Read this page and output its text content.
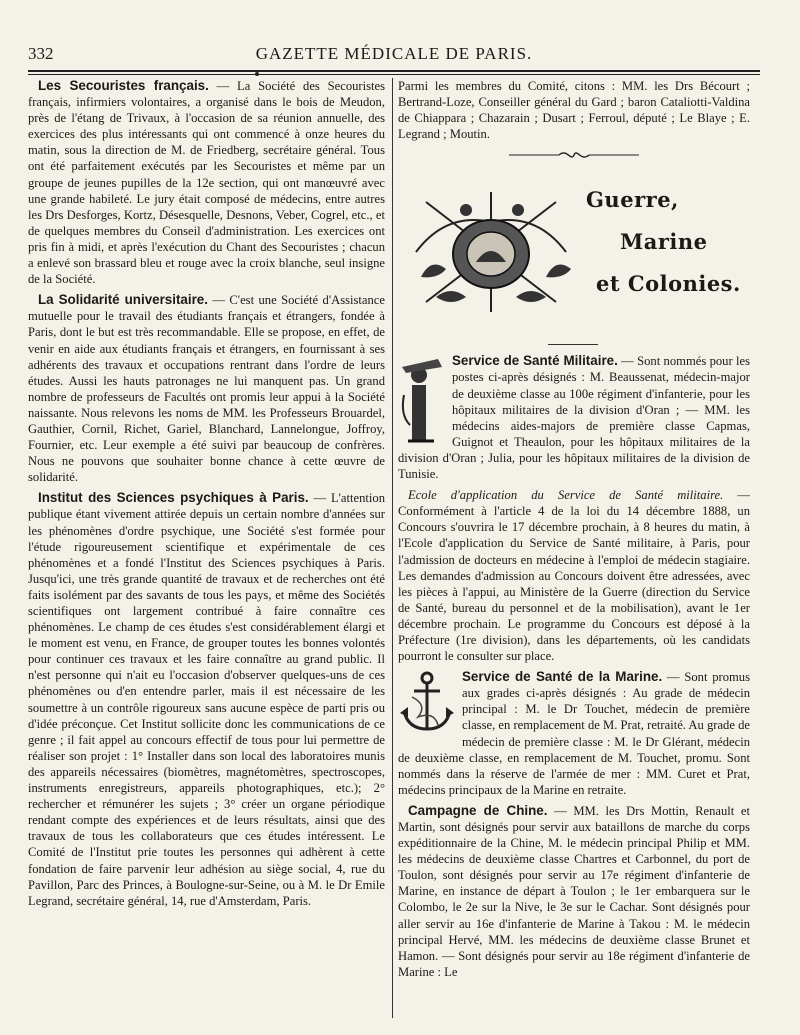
332	GAZETTE MÉDICALE DE PARIS.

Les Secouristes français. — La Société des Secouristes français, infirmiers volontaires, a organisé dans le bois de Meudon, près de l'étang de Trivaux, à l'occasion de sa réunion annuelle, des exercices des plus intéressants qui ont commencé à onze heures du matin, sous la direction de M. de Friedberg, secrétaire général. Tous ont été parfaitement exécutés par les Secouristes et même par un groupe de jeunes pupilles de la 12e section, qui ont manœuvré avec une grande habileté. Le jury était composé de médecins, entre autres les Drs Desforges, Kortz, Désesquelle, Desnons, Veber, Cogrel, etc., et de quelques membres du Conseil d'administration. Les exercices ont pris fin à midi, et après l'exécution du Chant des Secouristes ; chacun a enlevé son brassard bleu et rouge avec la croix blanche, seul insigne de la Société.

La Solidarité universitaire. — C'est une Société d'Assistance mutuelle pour le travail des étudiants français et étrangers, fondée à Paris, dont le but est très recommandable. Elle se propose, en effet, de venir en aide aux étudiants français et étrangers, en fournissant à ses adhérents des travaux et occupations rentrant dans l'ordre de leurs études. Aussi les hauts patronages ne lui manquent pas. Un grand nombre de professeurs de Facultés ont promis leur appui à la Société naissante. Nous relevons les noms de MM. les Professeurs Brouardel, Gauthier, Cornil, Richet, Gariel, Blanchard, Lannelongue, Joffroy, Fournier, etc. Leur exemple a été suivi par beaucoup de confrères. Nous ne pouvons que souhaiter bonne chance à cette œuvre de solidarité.

Institut des Sciences psychiques à Paris. — L'attention publique étant vivement attirée depuis un certain nombre d'années sur les phénomènes d'ordre psychique, une Société s'est formée pour l'étude rigoureusement scientifique et expérimentale de ces phénomènes et a fondé l'Institut des Sciences psychiques à Paris. Jusqu'ici, une très grande quantité de travaux et de recherches ont été faits isolément par des savants de tous les pays, et même des Sociétés scientifiques ont largement contribué à faire connaître ces phénomènes. Le champ de ces études s'est considérablement élargi et le moment est venu, en France, de grouper toutes les bonnes volontés pour continuer ces travaux et les faire connaître au grand public. Il n'est personne qui n'ait eu l'occasion d'observer quelques-uns de ces phénomènes ou d'en entendre parler, mais il est nécessaire de les soumettre à un contrôle rigoureux sans aucune espèce de parti pris ou d'idée préconçue. Cet Institut sollicite donc les communications de ce genre ; il fait appel au concours effectif de tous pour lui permettre de réaliser son projet : 1° Installer dans son local des laboratoires munis des appareils nécessaires (biomètres, magnétomètres, spectroscopes, instruments enregistreurs, appareils photographiques, etc.); 2° rechercher et rémunérer les sujets ; 3° créer un organe périodique rendant compte des expériences et de leurs résultats, ainsi que des travaux de tous les collaborateurs que ces études intéressent. Le Comité de l'Institut prie toutes les personnes qui adhèrent à cette fondation de faire parvenir leur adhésion au siège social, 4, rue du Pavillon, Parc des Princes, à Boulogne-sur-Seine, ou à M. le Dr Emile Legrand, secrétaire général, 14, rue d'Amsterdam, Paris.

Parmi les membres du Comité, citons : MM. les Drs Bécourt ; Bertrand-Loze, Conseiller général du Gard ; baron Cataliotti-Valdina de Chiappara ; Chazarain ; Dusart ; Ferroul, député ; Le Blaye ; E. Legrand ; Moutin.

Guerre,
Marine
et Colonies.

Service de Santé Militaire. — Sont nommés pour les postes ci-après désignés : M. Beaussenat, médecin-major de deuxième classe au 100e régiment d'infanterie, pour les hôpitaux militaires de la division d'Oran ; — MM. les médecins aides-majors de première classe Capmas, Guignot et Theaulon, pour les hôpitaux militaires de la division d'Oran ; Julia, pour les hôpitaux militaires de la division de Tunisie.

Ecole d'application du Service de Santé militaire. — Conformément à l'article 4 de la loi du 14 décembre 1888, un Concours s'ouvrira le 17 décembre prochain, à 8 heures du matin, à l'Ecole d'application du Service de Santé militaire, à Paris, pour l'admission de docteurs en médecine à l'emploi de médecin stagiaire. Les demandes d'admission au Concours doivent être adressées, avec les pièces à l'appui, au Ministère de la Guerre (direction du Service de Santé, bureau du personnel et de la mobilisation), avant le 1er décembre prochain. Le programme du Concours est déposé à la Préfecture (1re division), dans les départements, où les candidats pourront le consulter sur place.

Service de Santé de la Marine. — Sont promus aux grades ci-après désignés : Au grade de médecin principal : M. le Dr Touchet, médecin de première classe, en remplacement de M. Prat, retraité. Au grade de médecin de première classe : M. le Dr Glérant, médecin de deuxième classe, en remplacement de M. Touchet, promu. Sont nommés dans la réserve de l'armée de mer : MM. Curet et Prat, médecins principaux de la Marine en retraite.

Campagne de Chine. — MM. les Drs Mottin, Renault et Martin, sont désignés pour servir aux bataillons de marche du corps expéditionnaire de la Chine, M. le médecin principal Philip et MM. les médecins de deuxième classe Chartres et Carbonnel, du port de Toulon, sont désignés pour servir au 17e régiment d'infanterie de Marine, en instance de départ à Toulon ; le 1er embarquera sur le Colombo, le 2e sur la Nive, le 3e sur le Cachar. Sont désignés pour aller servir au 16e d'infanterie de Marine à Takou : M. le médecin principal Hervé, MM. les médecins de deuxième classe Brunet et Hamon. — Sont désignés pour servir au 18e régiment d'infanterie de Marine : Le
